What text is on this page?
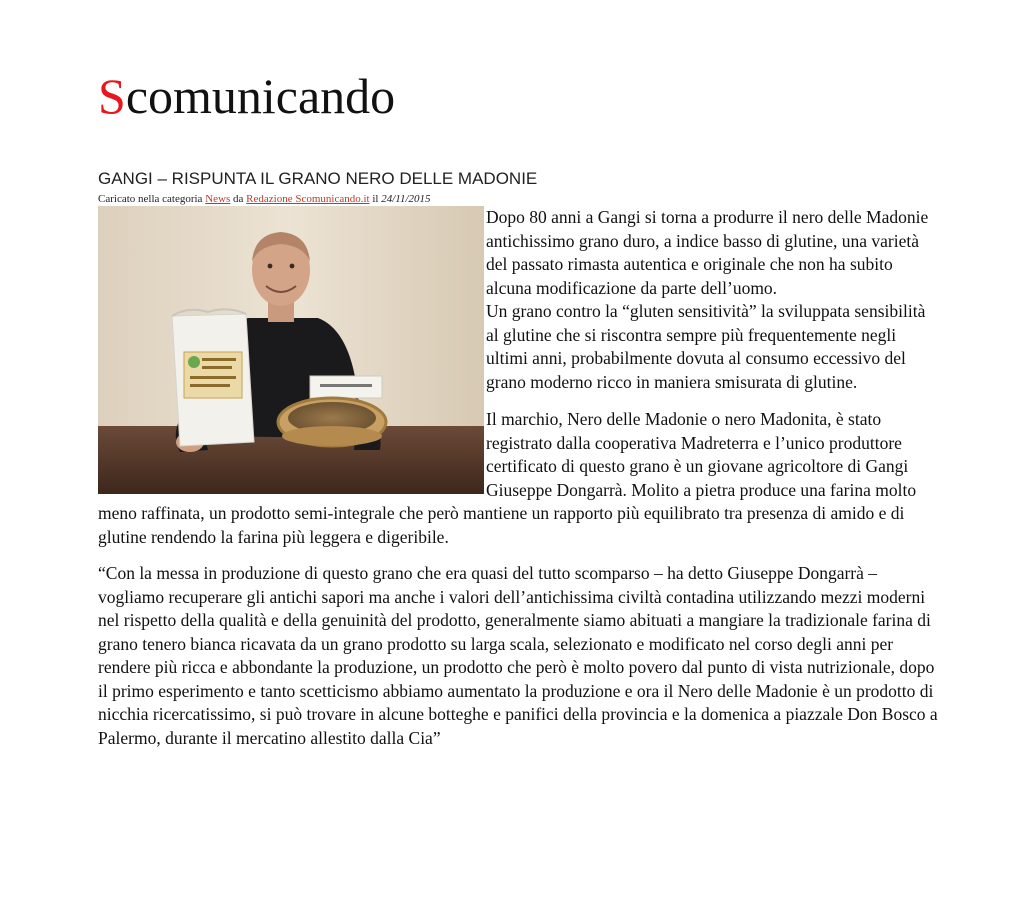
Scomunicando
GANGI – RISPUNTA IL GRANO NERO DELLE MADONIE
Caricato nella categoria News da Redazione Scomunicando.it il 24/11/2015

Dopo 80 anni a Gangi si torna a produrre il nero delle Madonie antichissimo grano duro, a indice basso di glutine, una varietà del passato rimasta autentica e originale che non ha subito alcuna modificazione da parte dell’uomo.

Un grano contro la “gluten sensitività” la sviluppata sensibilità al glutine che si riscontra sempre più frequentemente negli ultimi anni, probabilmente dovuta al consumo eccessivo del grano moderno ricco in maniera smisurata di glutine.

Il marchio, Nero delle Madonie o nero Madonita, è stato registrato dalla cooperativa Madreterra e l’unico produttore certificato di questo grano è un giovane agricoltore di Gangi Giuseppe Dongarrà. Molito a pietra produce una farina molto meno raffinata, un prodotto semi-integrale che però mantiene un rapporto più equilibrato tra presenza di amido e di glutine rendendo la farina più leggera e digeribile.

“Con la messa in produzione di questo grano che era quasi del tutto scomparso – ha detto Giuseppe Dongarrà – vogliamo recuperare gli antichi sapori ma anche i valori dell’antichissima civiltà contadina utilizzando mezzi moderni nel rispetto della qualità e della genuinità del prodotto, generalmente siamo abituati a mangiare la tradizionale farina di grano tenero bianca ricavata da un grano prodotto su larga scala, selezionato e modificato nel corso degli anni per rendere più ricca e abbondante la produzione, un prodotto che però è molto povero dal punto di vista nutrizionale, dopo il primo esperimento e tanto scetticismo abbiamo aumentato la produzione e ora il Nero delle Madonie è un prodotto di nicchia ricercatissimo, si può trovare in alcune botteghe e panifici della provincia e la domenica a piazzale Don Bosco a Palermo, durante il mercatino allestito dalla Cia”
